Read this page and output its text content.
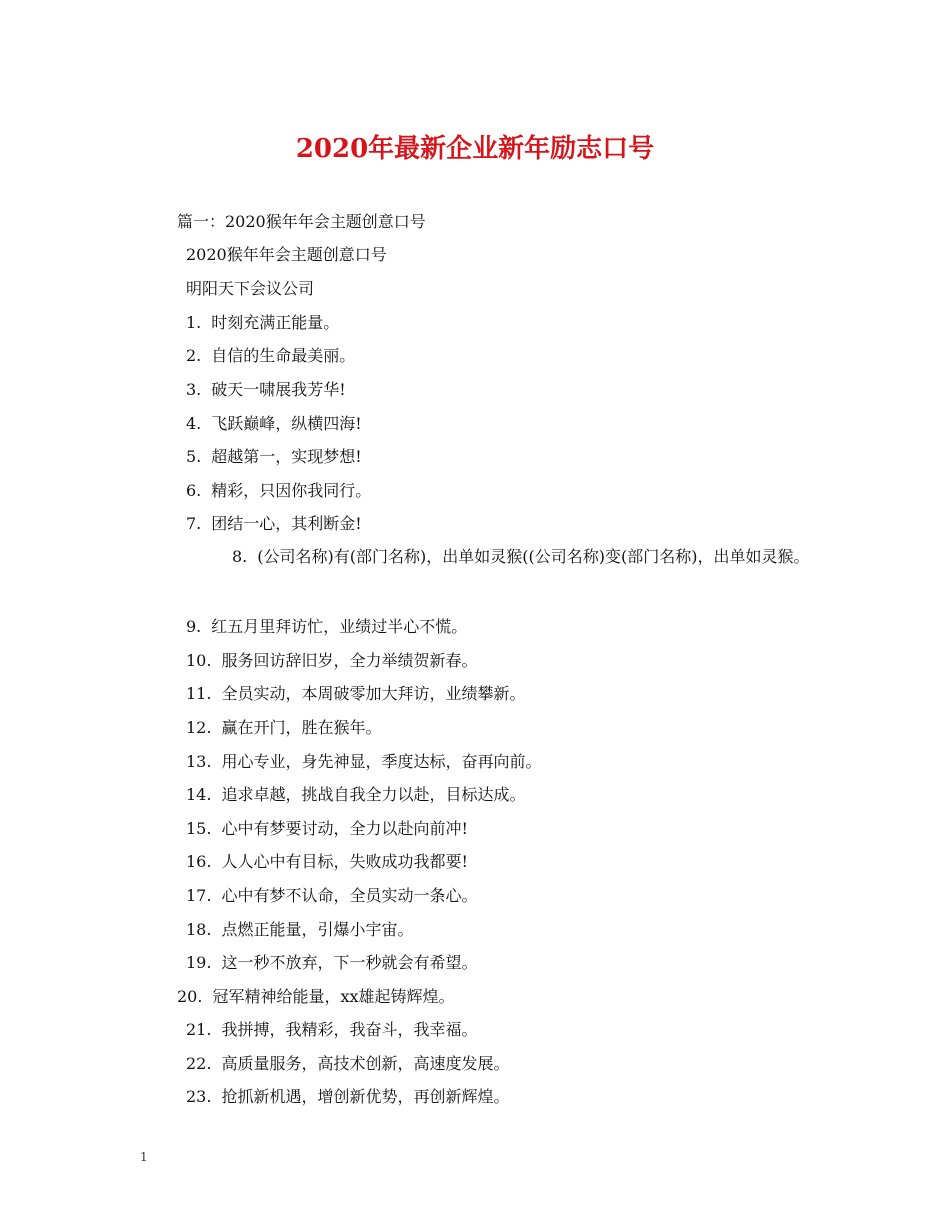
2020年最新企业新年励志口号
篇一：2020猴年年会主题创意口号
2020猴年年会主题创意口号
明阳天下会议公司
1. 时刻充满正能量。
2. 自信的生命最美丽。
3. 破天一啸展我芳华!
4. 飞跃巅峰，纵横四海!
5. 超越第一，实现梦想!
6. 精彩，只因你我同行。
7. 团结一心，其利断金!

8. (公司名称)有(部门名称)，出单如灵猴((公司名称)变(部门名称)，出单如灵猴。

9. 红五月里拜访忙，业绩过半心不慌。
10. 服务回访辞旧岁，全力举绩贺新春。
11. 全员实动，本周破零加大拜访，业绩攀新。
12. 赢在开门，胜在猴年。
13. 用心专业，身先神显，季度达标，奋再向前。
14. 追求卓越，挑战自我全力以赴，目标达成。
15. 心中有梦要讨动，全力以赴向前冲!
16. 人人心中有目标，失败成功我都要!
17. 心中有梦不认命，全员实动一条心。
18. 点燃正能量，引爆小宇宙。
19. 这一秒不放弃，下一秒就会有希望。
20. 冠军精神给能量，xx雄起铸辉煌。
21. 我拼搏，我精彩，我奋斗，我幸福。
22. 高质量服务，高技术创新，高速度发展。
23. 抢抓新机遇，增创新优势，再创新辉煌。
1
